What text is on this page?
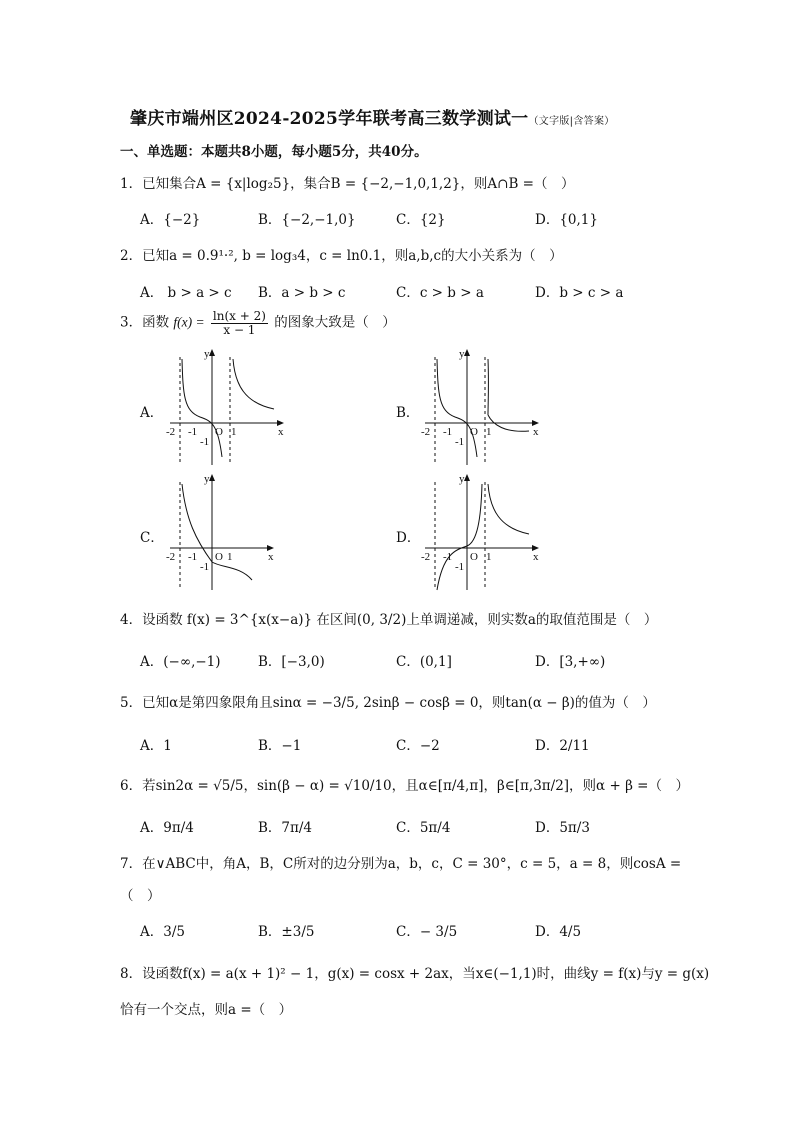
肇庆市端州区2024-2025学年联考高三数学测试一（文字版|含答案）
一、单选题：本题共8小题，每小题5分，共40分。
1．已知集合A = {x|log₂5}，集合B = {−2,−1,0,1,2}，则A∩B =（　）
A．{−2}	B．{−2,−1,0}	C．{2}	D．{0,1}
2．已知a = 0.9¹·², b = log₃4，c = ln0.1，则a,b,c的大小关系为（　）
A． b > a > c B．a > b > c	C．c > b > a	D．b > c > a
3．函数 $f(x) = \frac{\ln(x + 2)}{x - 1}$ 的图象大致是（　）
A．	B．
C．	D．
y
x
-2 -1 O 1
-1
y
x
-2 -1 O 1
-1
y
x
-2 -1 O 1
-1
y
x
-2 -1 O 1
-1
4．设函数 f(x) = 3^{x(x−a)} 在区间(0, 3/2)上单调递减，则实数a的取值范围是（　）
A．(−∞,−1)	B．[−3,0)	C．(0,1]	D．[3,+∞)
5．已知α是第四象限角且sinα = −3/5, 2sinβ − cosβ = 0，则tan(α − β)的值为（　）
A．1	B．−1	C．−2	D．2/11
6．若sin2α = √5/5，sin(β − α) = √10/10，且α∈[π/4,π]，β∈[π,3π/2]，则α + β =（　）
A．9π/4	B．7π/4	C．5π/4	D．5π/3
7．在∨ABC中，角A，B，C所对的边分别为a，b，c，C = 30°，c = 5，a = 8，则cosA =
（　）
A．3/5	B．±3/5	C．− 3/5	D．4/5
8．设函数f(x) = a(x + 1)² − 1，g(x) = cosx + 2ax，当x∈(−1,1)时，曲线y = f(x)与y = g(x)
恰有一个交点，则a =（　）
